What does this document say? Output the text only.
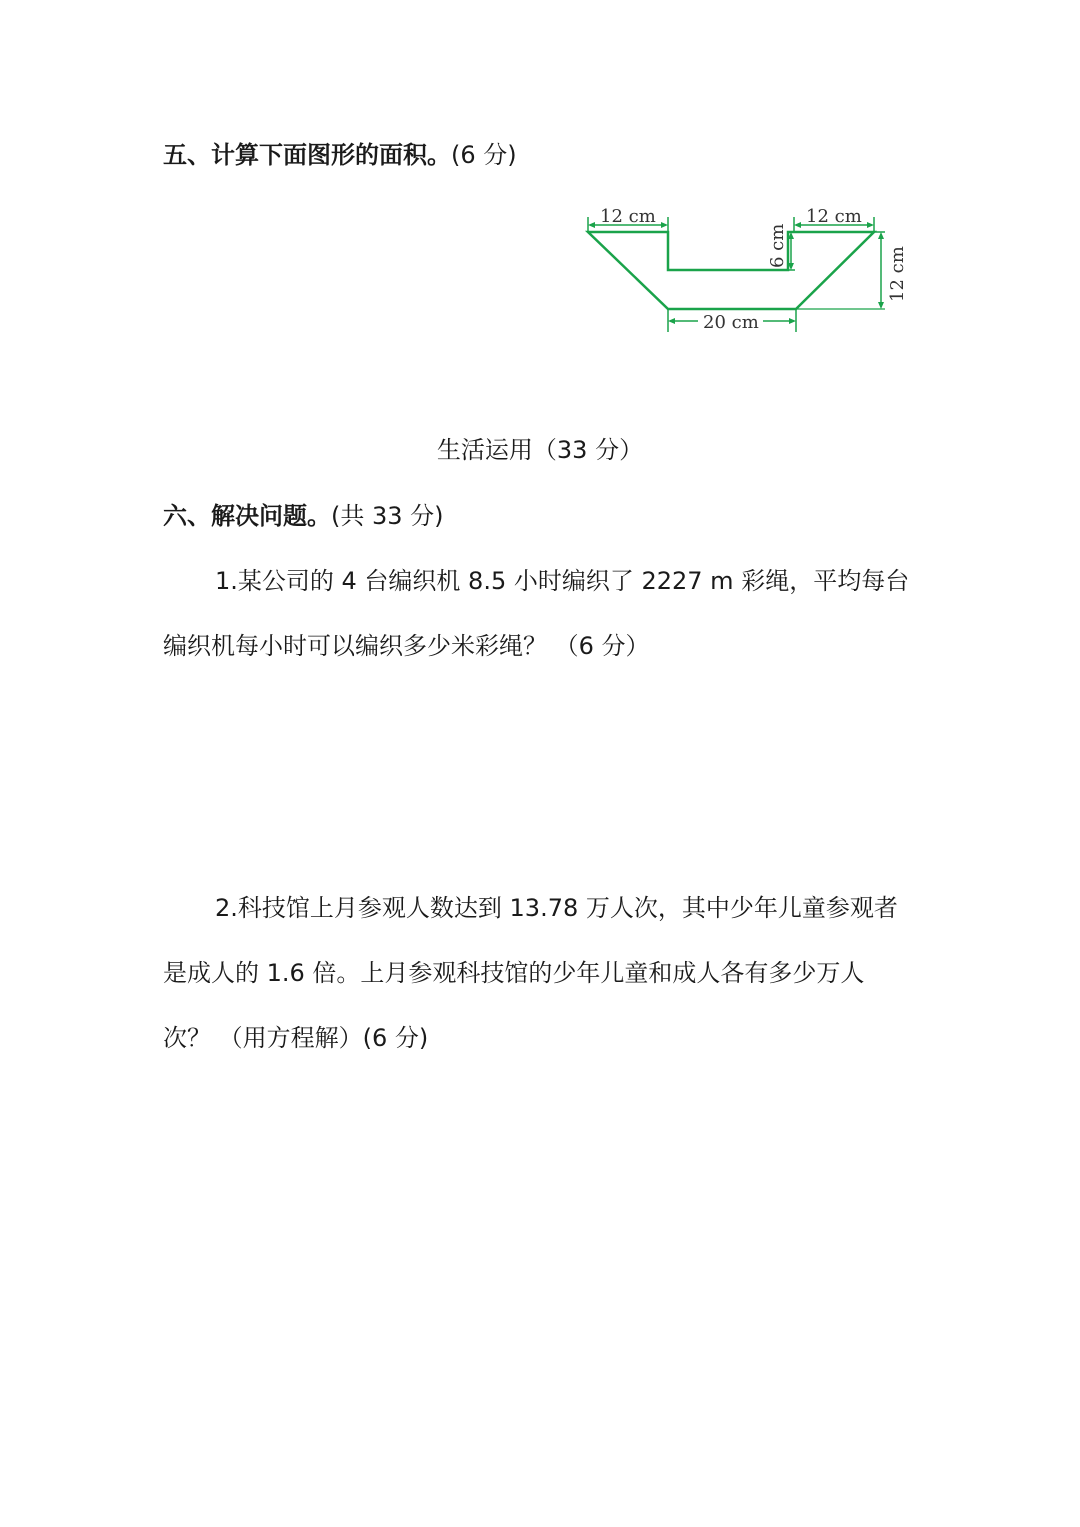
五、计算下面图形的面积。(6 分)
12 cm	12 cm
6 cm
12 cm
20 cm
生活运用（33 分）
六、解决问题。(共 33 分)
1.某公司的 4 台编织机 8.5 小时编织了 2227 m 彩绳，平均每台
编织机每小时可以编织多少米彩绳？ （6 分）
2.科技馆上月参观人数达到 13.78 万人次，其中少年儿童参观者
是成人的 1.6 倍。上月参观科技馆的少年儿童和成人各有多少万人
次？ （用方程解）(6 分)
